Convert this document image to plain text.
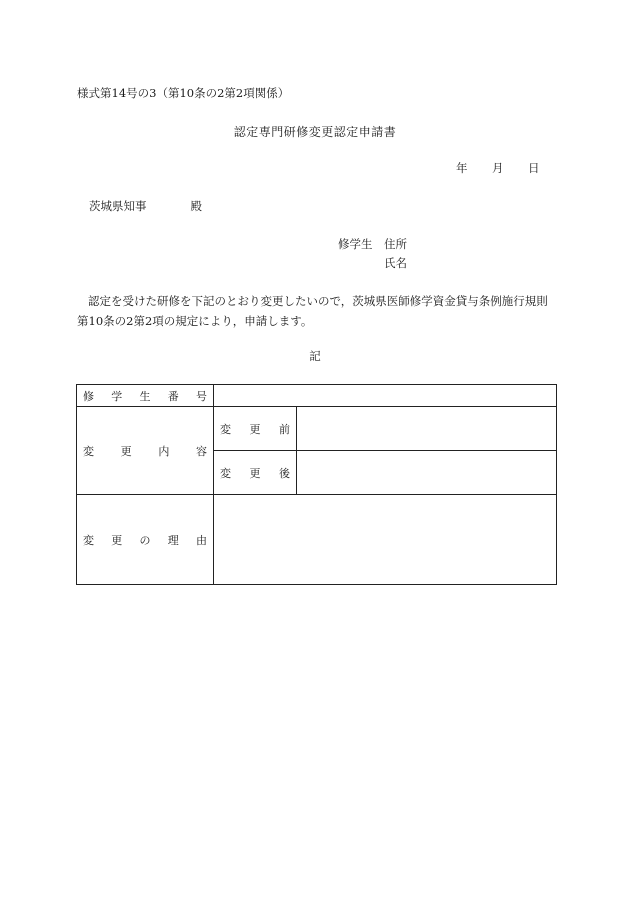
様式第14号の3（第10条の2第2項関係）
認定専門研修変更認定申請書
年 月 日
茨城県知事	殿
修学生 住所
氏名
認定を受けた研修を下記のとおり変更したいので，茨城県医師修学資金貸与条例施行規則第10条の2第2項の規定により，申請します。
記
修 学 生 番 号		

変 更 内 容	変 更 前	

	変 更 後	

変 更 の 理 由		
